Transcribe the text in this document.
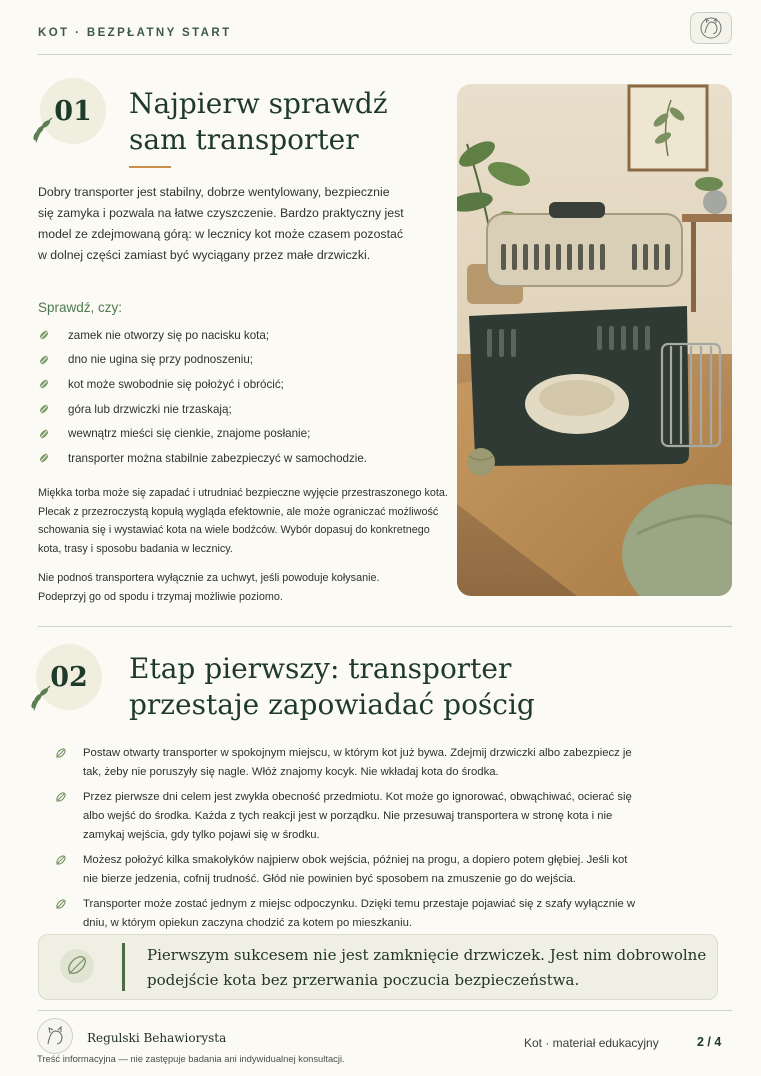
KOT · BEZPŁATNY START
01 Najpierw sprawdź
sam transporter

Dobry transporter jest stabilny, dobrze wentylowany, bezpiecznie się zamyka i pozwala na łatwe czyszczenie. Bardzo praktyczny jest model ze zdejmowaną górą: w lecznicy kot może czasem pozostać w dolnej części zamiast być wyciągany przez małe drzwiczki.

Sprawdź, czy:
zamek nie otworzy się po nacisku kota;
dno nie ugina się przy podnoszeniu;
kot może swobodnie się położyć i obrócić;
góra lub drzwiczki nie trzaskają;
wewnątrz mieści się cienkie, znajome posłanie;
transporter można stabilnie zabezpieczyć w samochodzie.

Miękka torba może się zapadać i utrudniać bezpieczne wyjęcie przestraszonego kota. Plecak z przezroczystą kopułą wygląda efektownie, ale może ograniczać możliwość schowania się i wystawiać kota na wiele bodźców. Wybór dopasuj do konkretnego kota, trasy i sposobu badania w lecznicy.

Nie podnoś transportera wyłącznie za uchwyt, jeśli powoduje kołysanie. Podeprzyj go od spodu i trzymaj możliwie poziomo.

02 Etap pierwszy: transporter
przestaje zapowiadać pościg
Postaw otwarty transporter w spokojnym miejscu, w którym kot już bywa. Zdejmij drzwiczki albo zabezpiecz je tak, żeby nie poruszyły się nagle. Włóż znajomy kocyk. Nie wkładaj kota do środka.
Przez pierwsze dni celem jest zwykła obecność przedmiotu. Kot może go ignorować, obwąchiwać, ocierać się albo wejść do środka. Każda z tych reakcji jest w porządku. Nie przesuwaj transportera w stronę kota i nie zamykaj wejścia, gdy tylko pojawi się w środku.
Możesz położyć kilka smakołyków najpierw obok wejścia, później na progu, a dopiero potem głębiej. Jeśli kot nie bierze jedzenia, cofnij trudność. Głód nie powinien być sposobem na zmuszenie go do wejścia.
Transporter może zostać jednym z miejsc odpoczynku. Dzięki temu przestaje pojawiać się z szafy wyłącznie w dniu, w którym opiekun zaczyna chodzić za kotem po mieszkaniu.

Pierwszym sukcesem nie jest zamknięcie drzwiczek. Jest nim dobrowolne podejście kota bez przerwania poczucia bezpieczeństwa.

Regulski Behawiorysta
Treść informacyjna — nie zastępuje badania ani indywidualnej konsultacji.
Kot · materiał edukacyjny	2 / 4
